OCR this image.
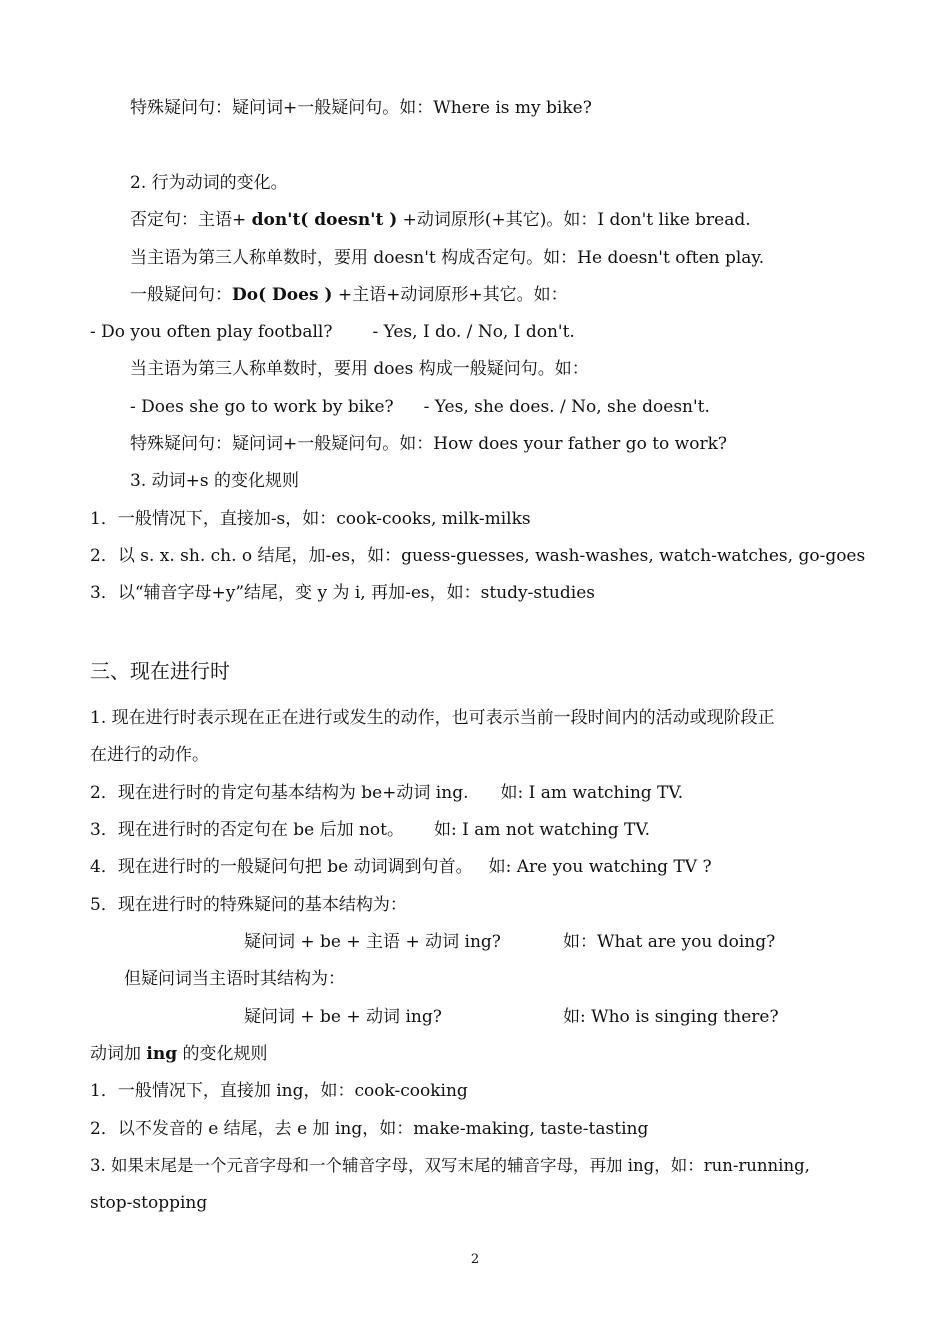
特殊疑问句：疑问词+一般疑问句。如：Where is my bike?
2. 行为动词的变化。
否定句：主语+ don't( doesn't ) +动词原形(+其它)。如：I don't like bread.
当主语为第三人称单数时，要用 doesn't 构成否定句。如：He doesn't often play.
一般疑问句：Do( Does ) +主语+动词原形+其它。如：
- Do you often play football? - Yes, I do. / No, I don't.
当主语为第三人称单数时，要用 does 构成一般疑问句。如：
- Does she go to work by bike? - Yes, she does. / No, she doesn't.
特殊疑问句：疑问词+一般疑问句。如：How does your father go to work?
3. 动词+s 的变化规则
1．一般情况下，直接加-s，如：cook-cooks, milk-milks
2．以 s. x. sh. ch. o 结尾，加-es，如：guess-guesses, wash-washes, watch-watches, go-goes
3．以“辅音字母+y”结尾，变 y 为 i, 再加-es，如：study-studies
三、现在进行时
1. 现在进行时表示现在正在进行或发生的动作，也可表示当前一段时间内的活动或现阶段正
在进行的动作。
2．现在进行时的肯定句基本结构为 be+动词 ing. 如: I am watching TV.
3．现在进行时的否定句在 be 后加 not。 如: I am not watching TV.
4．现在进行时的一般疑问句把 be 动词调到句首。 如: Are you watching TV ?
5．现在进行时的特殊疑问的基本结构为：
疑问词 + be + 主语 + 动词 ing?	如：What are you doing?
但疑问词当主语时其结构为：
疑问词 + be + 动词 ing?	如: Who is singing there?
动词加 ing 的变化规则
1．一般情况下，直接加 ing，如：cook-cooking
2．以不发音的 e 结尾，去 e 加 ing，如：make-making, taste-tasting
3. 如果末尾是一个元音字母和一个辅音字母，双写末尾的辅音字母，再加 ing，如：run-running,
stop-stopping
2
